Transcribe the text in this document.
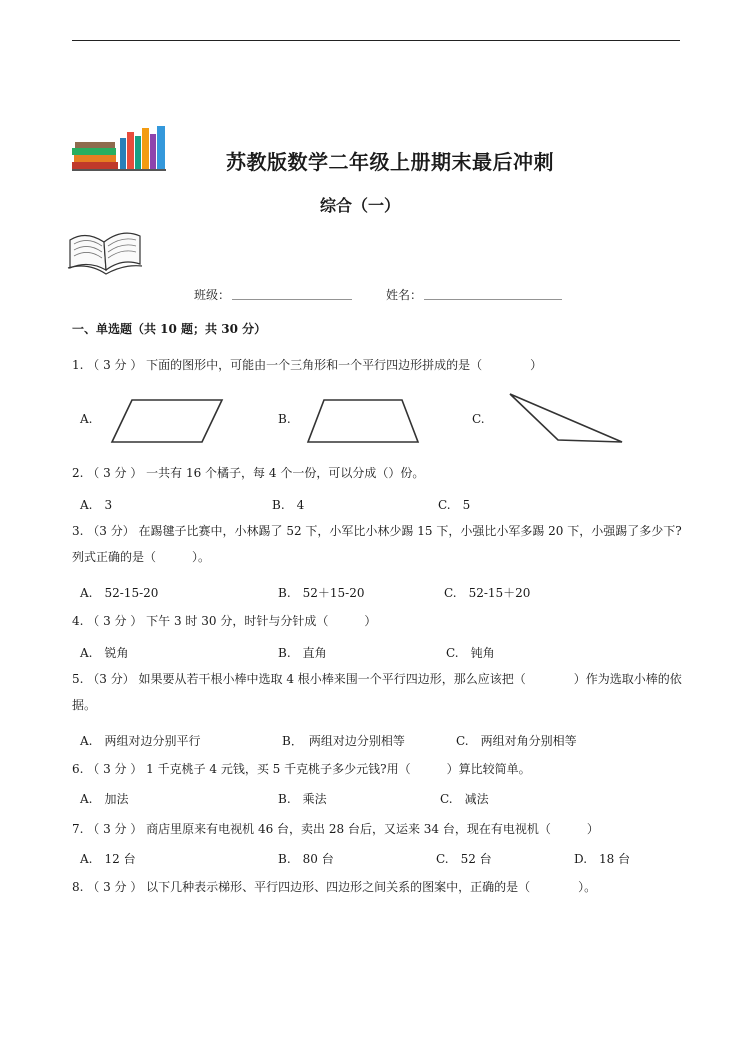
苏教版数学二年级上册期末最后冲刺
综合（一）
班级： ____________________	姓名： _______________________
一、单选题（共 10 题；共 30 分）
1. （ 3 分 ） 下面的图形中，可能由一个三角形和一个平行四边形拼成的是（　　　　）
A.	B.	C.
2. （ 3 分 ） 一共有 16 个橘子，每 4 个一份，可以分成（）份。
A.　3	B.　4	C.　5
3. （3 分） 在踢毽子比赛中，小林踢了 52 下，小军比小林少踢 15 下，小强比小军多踢 20 下，小强踢了多少下?列式正确的是（　　　）。
A.　52-15-20	B.　52＋15-20	C.　52-15＋20
4. （ 3 分 ） 下午 3 时 30 分，时针与分针成（　　　）
A.　锐角	B.　直角	C.　钝角
5. （3 分） 如果要从若干根小棒中选取 4 根小棒来围一个平行四边形，那么应该把（　　　　）作为选取小棒的依据。
A.　两组对边分别平行	B．　两组对边分别相等	C.　两组对角分别相等
6. （ 3 分 ） 1 千克桃子 4 元钱，买 5 千克桃子多少元钱?用（　　　）算比较简单。
A.　加法	B.　乘法	C.　减法
7. （ 3 分 ） 商店里原来有电视机 46 台，卖出 28 台后，又运来 34 台，现在有电视机（　　　）
A.　12 台	B.　80 台	C.　52 台	D.　18 台
8. （ 3 分 ） 以下几种表示梯形、平行四边形、四边形之间关系的图案中，正确的是（　　　　）。
